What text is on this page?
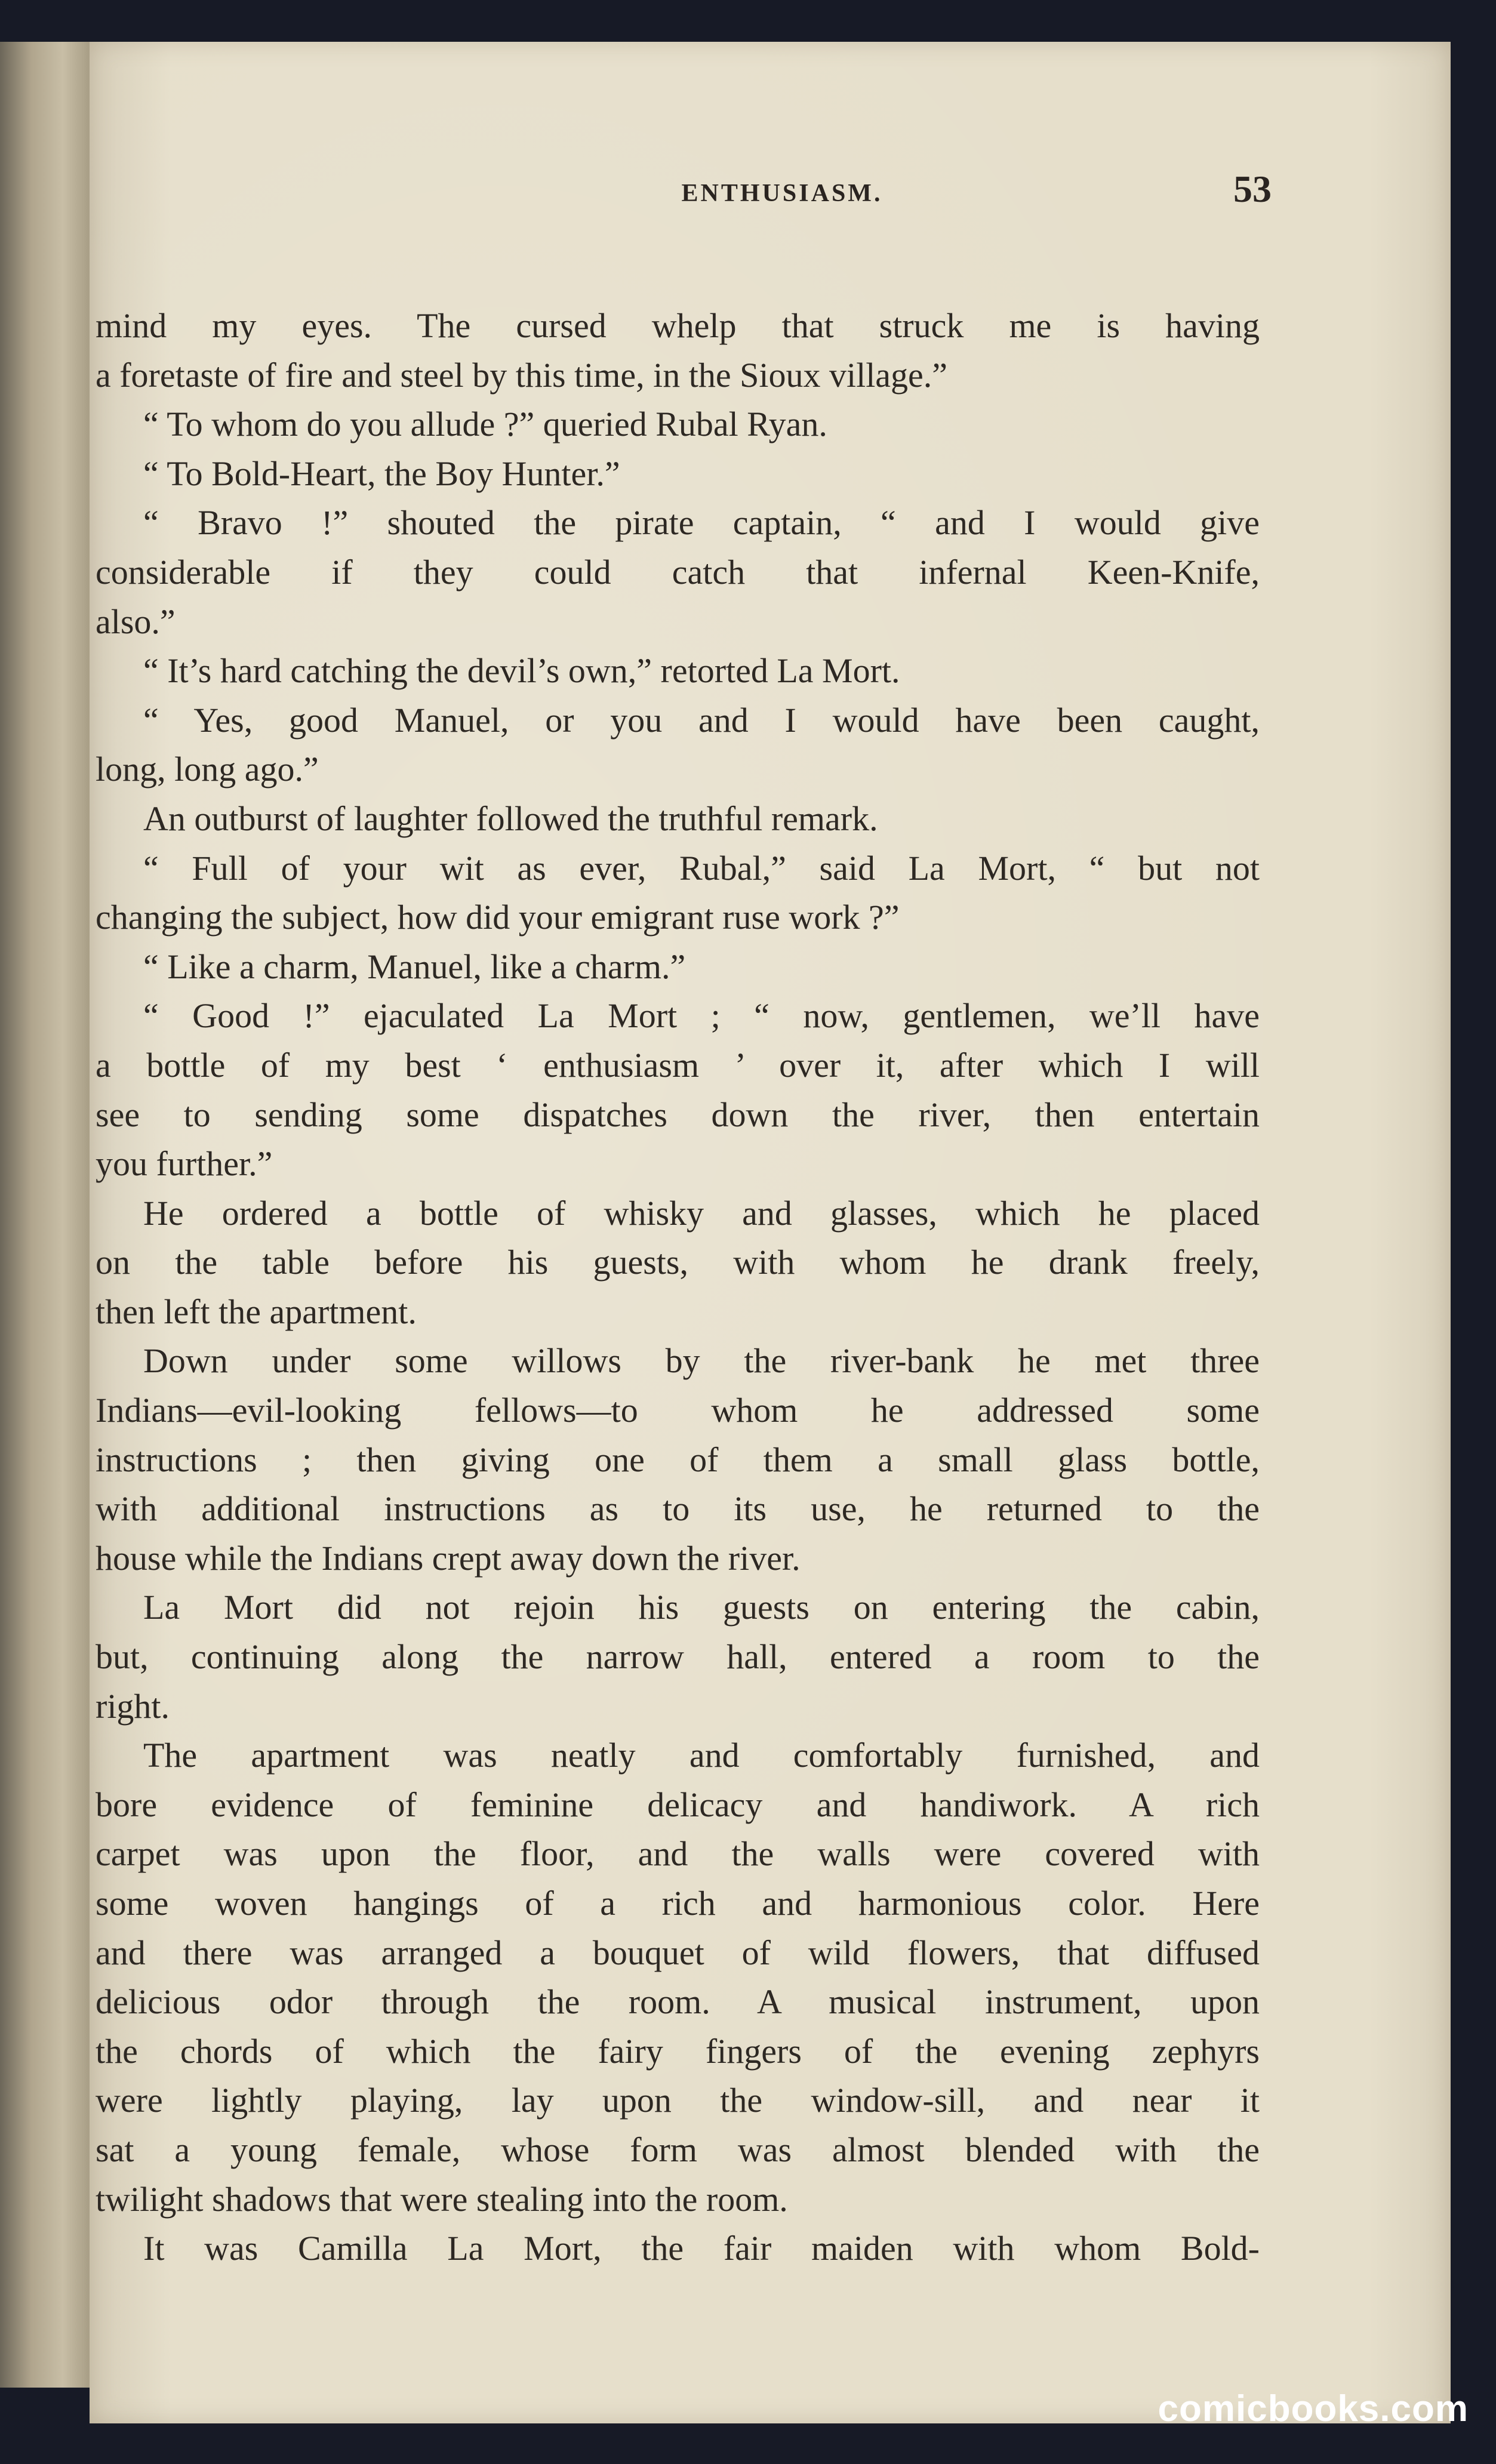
ENTHUSIASM.	53
mind my eyes. The cursed whelp that struck me is having
a foretaste of fire and steel by this time, in the Sioux village.”
“ To whom do you allude ?” queried Rubal Ryan.
“ To Bold-Heart, the Boy Hunter.”
“ Bravo !” shouted the pirate captain, “ and I would give
considerable if they could catch that infernal Keen-Knife,
also.”
“ It’s hard catching the devil’s own,” retorted La Mort.
“ Yes, good Manuel, or you and I would have been caught,
long, long ago.”
An outburst of laughter followed the truthful remark.
“ Full of your wit as ever, Rubal,” said La Mort, “ but not
changing the subject, how did your emigrant ruse work ?”
“ Like a charm, Manuel, like a charm.”
“ Good !” ejaculated La Mort ; “ now, gentlemen, we’ll have
a bottle of my best ‘ enthusiasm ’ over it, after which I will
see to sending some dispatches down the river, then entertain
you further.”
He ordered a bottle of whisky and glasses, which he placed
on the table before his guests, with whom he drank freely,
then left the apartment.
Down under some willows by the river-bank he met three
Indians—evil-looking fellows—to whom he addressed some
instructions ; then giving one of them a small glass bottle,
with additional instructions as to its use, he returned to the
house while the Indians crept away down the river.
La Mort did not rejoin his guests on entering the cabin,
but, continuing along the narrow hall, entered a room to the
right.
The apartment was neatly and comfortably furnished, and
bore evidence of feminine delicacy and handiwork. A rich
carpet was upon the floor, and the walls were covered with
some woven hangings of a rich and harmonious color. Here
and there was arranged a bouquet of wild flowers, that diffused
delicious odor through the room. A musical instrument, upon
the chords of which the fairy fingers of the evening zephyrs
were lightly playing, lay upon the window-sill, and near it
sat a young female, whose form was almost blended with the
twilight shadows that were stealing into the room.
It was Camilla La Mort, the fair maiden with whom Bold-
comicbooks.com
